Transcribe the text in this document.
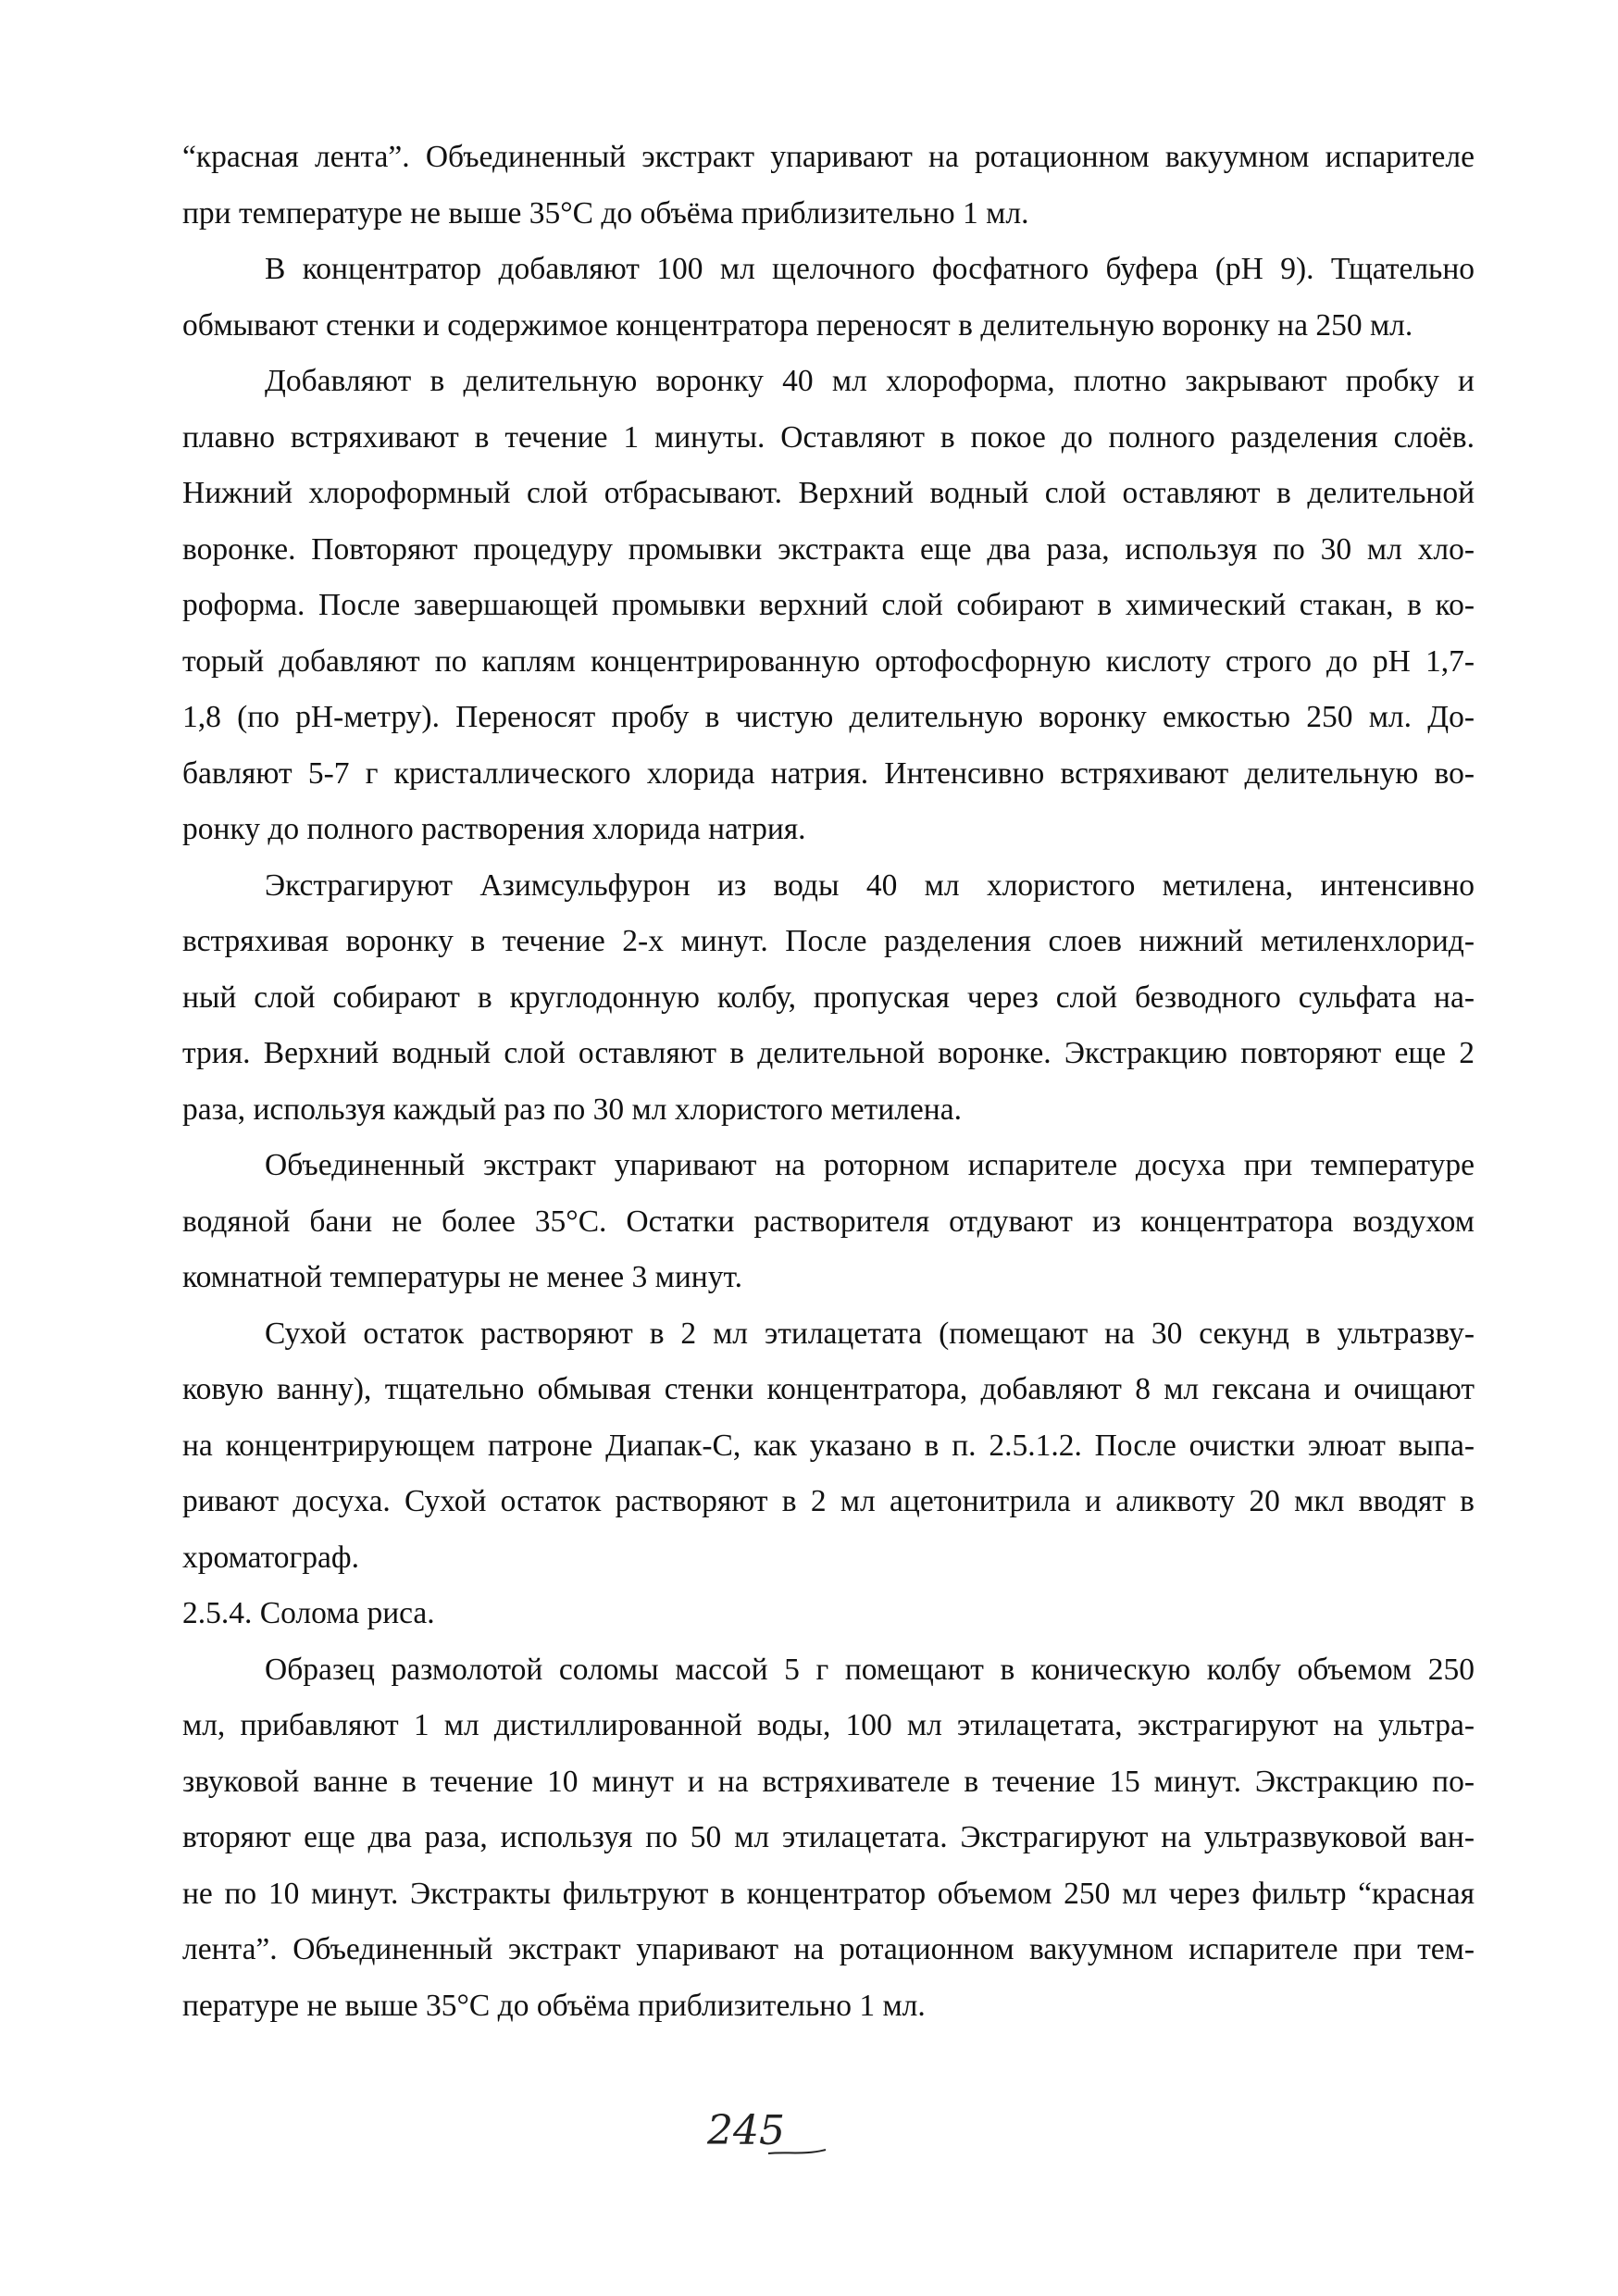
“красная лента”. Объединенный экстракт упаривают на ротационном вакуумном испарителе
при температуре не выше 35°С до объёма приблизительно 1 мл.
В концентратор добавляют 100 мл щелочного фосфатного буфера (рН 9). Тщательно
обмывают стенки и содержимое концентратора переносят в делительную воронку на 250 мл.
Добавляют в делительную воронку 40 мл хлороформа, плотно закрывают пробку и
плавно встряхивают в течение 1 минуты. Оставляют в покое до полного разделения слоёв.
Нижний хлороформный слой отбрасывают. Верхний водный слой оставляют в делительной
воронке. Повторяют процедуру промывки экстракта еще два раза, используя по 30 мл хло-
роформа. После завершающей промывки верхний слой собирают в химический стакан, в ко-
торый добавляют по каплям концентрированную ортофосфорную кислоту строго до рН 1,7-
1,8 (по рН-метру). Переносят пробу в чистую делительную воронку емкостью 250 мл. До-
бавляют 5-7 г кристаллического хлорида натрия. Интенсивно встряхивают делительную во-
ронку до полного растворения хлорида натрия.
Экстрагируют Азимсульфурон из воды 40 мл хлористого метилена, интенсивно
встряхивая воронку в течение 2-х минут. После разделения слоев нижний метиленхлорид-
ный слой собирают в круглодонную колбу, пропуская через слой безводного сульфата на-
трия. Верхний водный слой оставляют в делительной воронке. Экстракцию повторяют еще 2
раза, используя каждый раз по 30 мл хлористого метилена.
Объединенный экстракт упаривают на роторном испарителе досуха при температуре
водяной бани не более 35°С. Остатки растворителя отдувают из концентратора воздухом
комнатной температуры не менее 3 минут.
Сухой остаток растворяют в 2 мл этилацетата (помещают на 30 секунд в ультразву-
ковую ванну), тщательно обмывая стенки концентратора, добавляют 8 мл гексана и очищают
на концентрирующем патроне Диапак-С, как указано в п. 2.5.1.2. После очистки элюат выпа-
ривают досуха. Сухой остаток растворяют в 2 мл ацетонитрила и аликвоту 20 мкл вводят в
хроматограф.
2.5.4. Солома риса.
Образец размолотой соломы массой 5 г помещают в коническую колбу объемом 250
мл, прибавляют 1 мл дистиллированной воды, 100 мл этилацетата, экстрагируют на ультра-
звуковой ванне в течение 10 минут и на встряхивателе в течение 15 минут. Экстракцию по-
вторяют еще два раза, используя по 50 мл этилацетата. Экстрагируют на ультразвуковой ван-
не по 10 минут. Экстракты фильтруют в концентратор объемом 250 мл через фильтр “красная
лента”. Объединенный экстракт упаривают на ротационном вакуумном испарителе при тем-
пературе не выше 35°С до объёма приблизительно 1 мл.
245
